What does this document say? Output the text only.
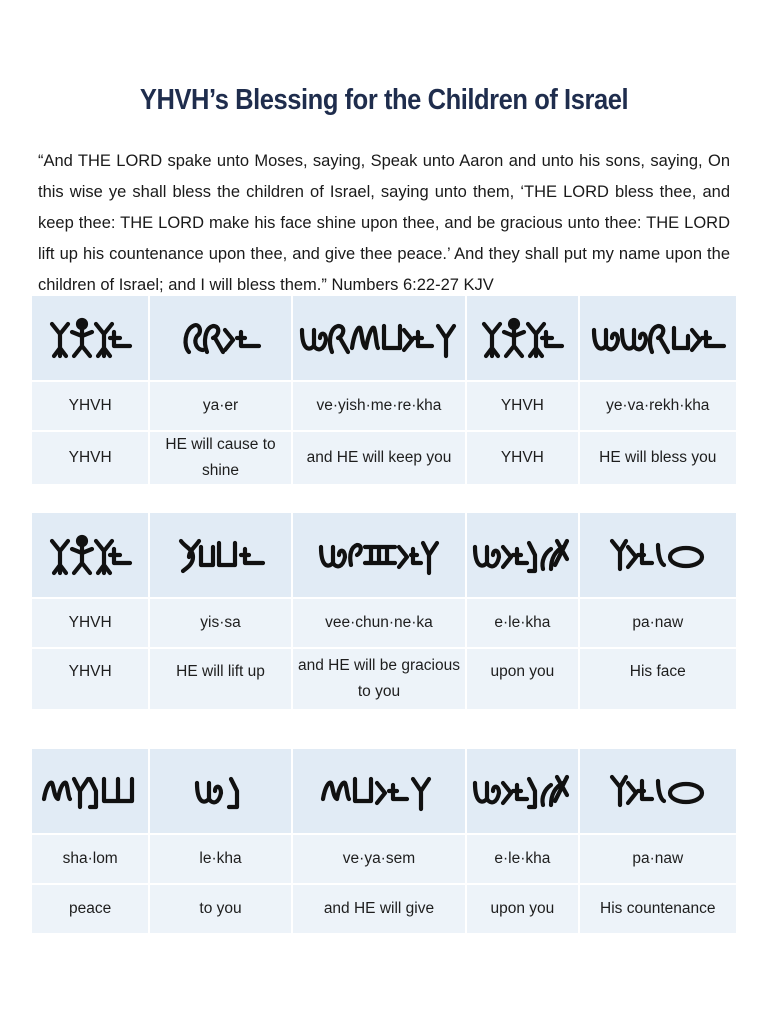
YHVH’s Blessing for the Children of Israel

“And THE LORD spake unto Moses, saying, Speak unto Aaron and unto his sons, saying, On this wise ye shall bless the children of Israel, saying unto them, ‘THE LORD bless thee, and keep thee: THE LORD make his face shine upon thee, and be gracious unto thee: THE LORD lift up his countenance upon thee, and give thee peace.’ And they shall put my name upon the children of Israel; and I will bless them.” Numbers 6:22-27 KJV

YHVH	ya·er	ve·yish·me·re·kha	YHVH	ye·va·rekh·kha
YHVH	HE will cause to shine	and HE will keep you	YHVH	HE will bless you

YHVH	yis·sa	vee·chun·ne·ka	e·le·kha	pa·naw
YHVH	HE will lift up	and HE will be gracious to you	upon you	His face

sha·lom	le·kha	ve·ya·sem	e·le·kha	pa·naw
peace	to you	and HE will give	upon you	His countenance
